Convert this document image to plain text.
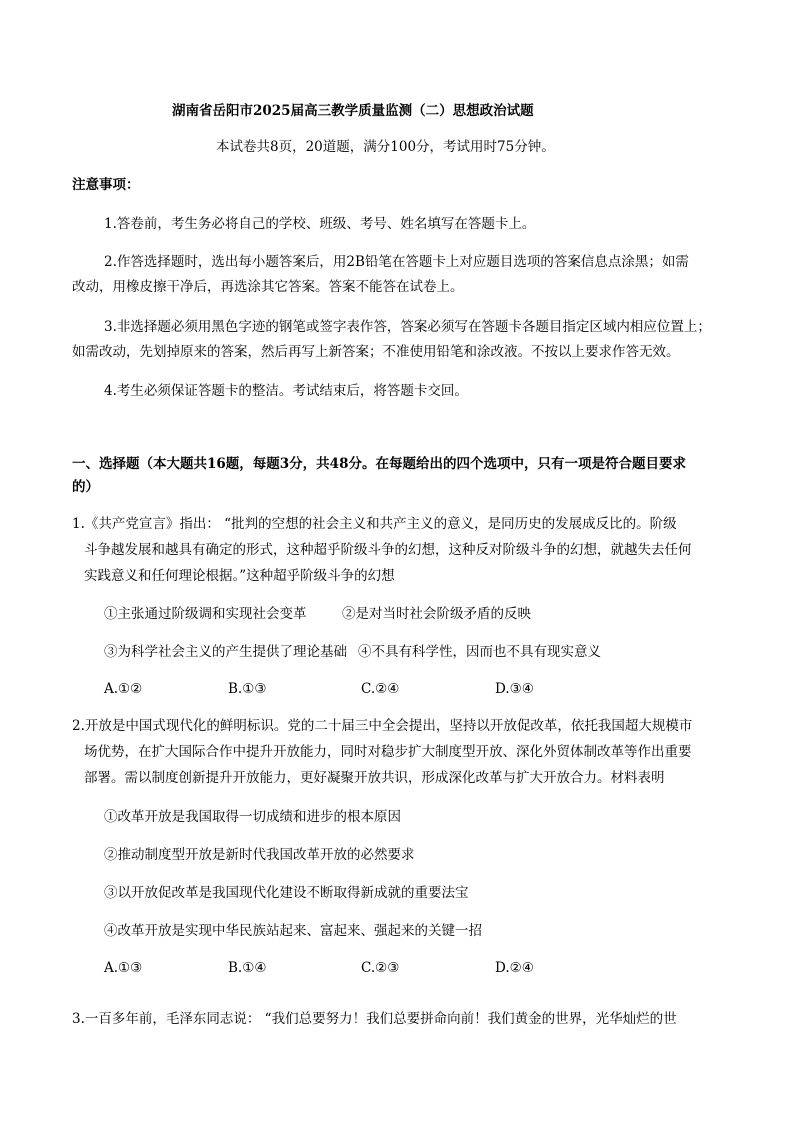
湖南省岳阳市2025届高三教学质量监测（二）思想政治试题
本试卷共8页，20道题，满分100分，考试用时75分钟。
注意事项：
1.答卷前，考生务必将自己的学校、班级、考号、姓名填写在答题卡上。
2.作答选择题时，选出每小题答案后，用2B铅笔在答题卡上对应题目选项的答案信息点涂黑；如需
改动，用橡皮擦干净后，再选涂其它答案。答案不能答在试卷上。
3.非选择题必须用黑色字迹的钢笔或签字表作答，答案必须写在答题卡各题目指定区域内相应位置上；
如需改动，先划掉原来的答案，然后再写上新答案；不准使用铅笔和涂改液。不按以上要求作答无效。
4.考生必须保证答题卡的整洁。考试结束后，将答题卡交回。
一、选择题（本大题共16题，每题3分，共48分。在每题给出的四个选项中，只有一项是符合题目要求
的）
1.《共产党宣言》指出： “批判的空想的社会主义和共产主义的意义，是同历史的发展成反比的。阶级
斗争越发展和越具有确定的形式，这种超乎阶级斗争的幻想，这种反对阶级斗争的幻想，就越失去任何
实践意义和任何理论根据。”这种超乎阶级斗争的幻想
①主张通过阶级调和实现社会变革	②是对当时社会阶级矛盾的反映
③为科学社会主义的产生提供了理论基础 ④不具有科学性，因而也不具有现实意义
A.①②	B.①③	C.②④	D.③④
2.开放是中国式现代化的鲜明标识。党的二十届三中全会提出，坚持以开放促改革，依托我国超大规模市
场优势，在扩大国际合作中提升开放能力，同时对稳步扩大制度型开放、深化外贸体制改革等作出重要
部署。需以制度创新提升开放能力，更好凝聚开放共识，形成深化改革与扩大开放合力。材料表明
①改革开放是我国取得一切成绩和进步的根本原因
②推动制度型开放是新时代我国改革开放的必然要求
③以开放促改革是我国现代化建设不断取得新成就的重要法宝
④改革开放是实现中华民族站起来、富起来、强起来的关键一招
A.①③	B.①④	C.②③	D.②④
3.一百多年前，毛泽东同志说： “我们总要努力！我们总要拼命向前！我们黄金的世界，光华灿烂的世
